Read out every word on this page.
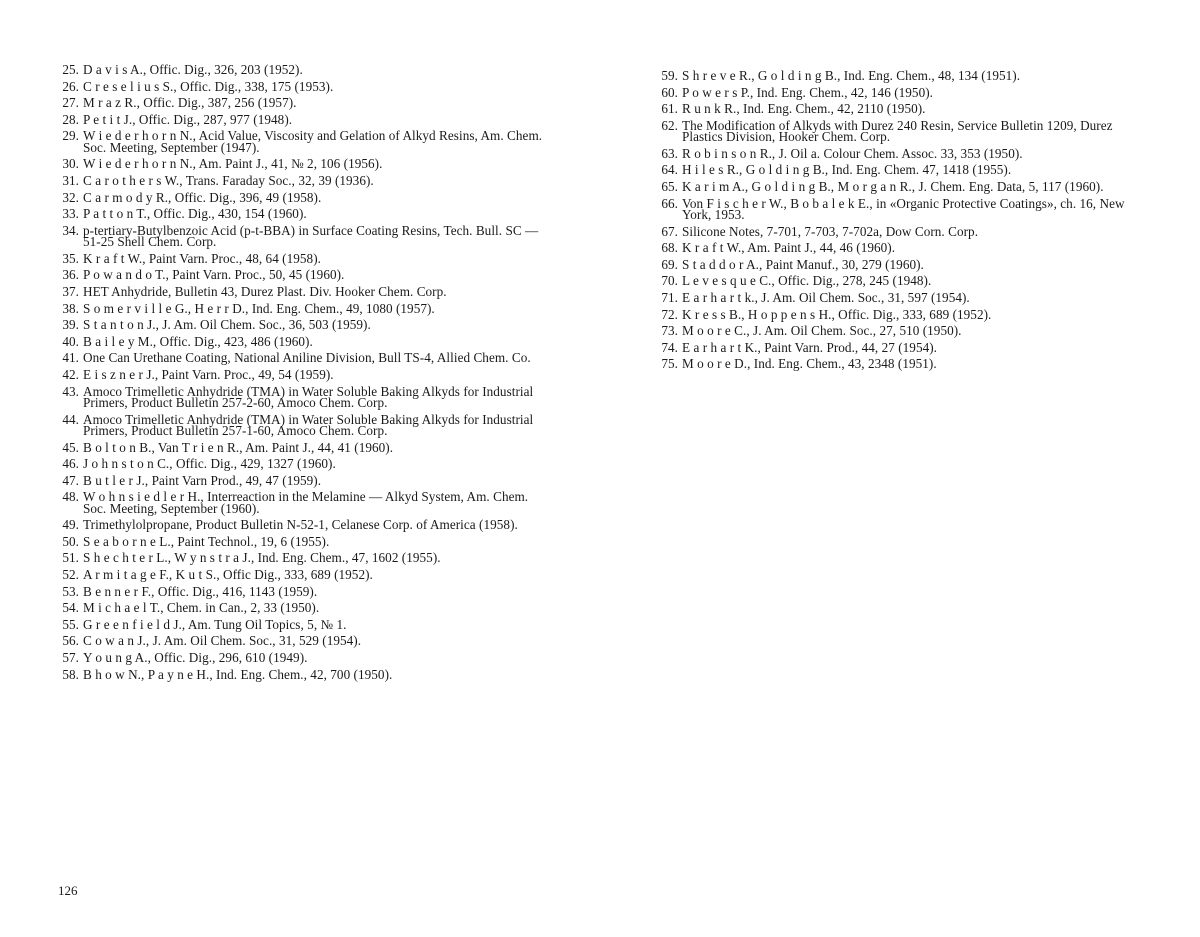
25. D a v i s A., Offic. Dig., 326, 203 (1952).
26. C r e s e l i u s S., Offic. Dig., 338, 175 (1953).
27. M r a z R., Offic. Dig., 387, 256 (1957).
28. P e t i t J., Offic. Dig., 287, 977 (1948).
29. W i e d e r h o r n N., Acid Value, Viscosity and Gelation of Alkyd Resins, Am. Chem. Soc. Meeting, September (1947).
30. W i e d e r h o r n N., Am. Paint J., 41, № 2, 106 (1956).
31. C a r o t h e r s W., Trans. Faraday Soc., 32, 39 (1936).
32. C a r m o d y R., Offic. Dig., 396, 49 (1958).
33. P a t t o n T., Offic. Dig., 430, 154 (1960).
34. p-tertiary-Butylbenzoic Acid (p-t-BBA) in Surface Coating Resins, Tech. Bull. SC — 51-25 Shell Chem. Corp.
35. K r a f t W., Paint Varn. Proc., 48, 64 (1958).
36. P o w a n d o T., Paint Varn. Proc., 50, 45 (1960).
37. HET Anhydride, Bulletin 43, Durez Plast. Div. Hooker Chem. Corp.
38. S o m e r v i l l e G., H e r r D., Ind. Eng. Chem., 49, 1080 (1957).
39. S t a n t o n J., J. Am. Oil Chem. Soc., 36, 503 (1959).
40. B a i l e y M., Offic. Dig., 423, 486 (1960).
41. One Can Urethane Coating, National Aniline Division, Bull TS-4, Allied Chem. Co.
42. E i s z n e r J., Paint Varn. Proc., 49, 54 (1959).
43. Amoco Trimelletic Anhydride (TMA) in Water Soluble Baking Alkyds for Industrial Primers, Product Bulletin 257-2-60, Amoco Chem. Corp.
44. Amoco Trimelletic Anhydride (TMA) in Water Soluble Baking Alkyds for Industrial Primers, Product Bulletin 257-1-60, Amoco Chem. Corp.
45. B o l t o n B., Van T r i e n R., Am. Paint J., 44, 41 (1960).
46. J o h n s t o n C., Offic. Dig., 429, 1327 (1960).
47. B u t l e r J., Paint Varn Prod., 49, 47 (1959).
48. W o h n s i e d l e r H., Interreaction in the Melamine — Alkyd System, Am. Chem. Soc. Meeting, September (1960).
49. Trimethylolpropane, Product Bulletin N-52-1, Celanese Corp. of America (1958).
50. S e a b o r n e L., Paint Technol., 19, 6 (1955).
51. S h e c h t e r L., W y n s t r a J., Ind. Eng. Chem., 47, 1602 (1955).
52. A r m i t a g e F., K u t S., Offic Dig., 333, 689 (1952).
53. B e n n e r F., Offic. Dig., 416, 1143 (1959).
54. M i c h a e l T., Chem. in Can., 2, 33 (1950).
55. G r e e n f i e l d J., Am. Tung Oil Topics, 5, № 1.
56. C o w a n J., J. Am. Oil Chem. Soc., 31, 529 (1954).
57. Y o u n g A., Offic. Dig., 296, 610 (1949).
58. B h o w N., P a y n e H., Ind. Eng. Chem., 42, 700 (1950).
59. S h r e v e R., G o l d i n g B., Ind. Eng. Chem., 48, 134 (1951).
60. P o w e r s P., Ind. Eng. Chem., 42, 146 (1950).
61. R u n k R., Ind. Eng. Chem., 42, 2110 (1950).
62. The Modification of Alkyds with Durez 240 Resin, Service Bulletin 1209, Durez Plastics Division, Hooker Chem. Corp.
63. R o b i n s o n R., J. Oil a. Colour Chem. Assoc. 33, 353 (1950).
64. H i l e s R., G o l d i n g B., Ind. Eng. Chem. 47, 1418 (1955).
65. K a r i m A., G o l d i n g B., M o r g a n R., J. Chem. Eng. Data, 5, 117 (1960).
66. Von F i s c h e r W., B o b a l e k E., in «Organic Protective Coatings», ch. 16, New York, 1953.
67. Silicone Notes, 7-701, 7-703, 7-702a, Dow Corn. Corp.
68. K r a f t W., Am. Paint J., 44, 46 (1960).
69. S t a d d o r A., Paint Manuf., 30, 279 (1960).
70. L e v e s q u e C., Offic. Dig., 278, 245 (1948).
71. E a r h a r t k., J. Am. Oil Chem. Soc., 31, 597 (1954).
72. K r e s s B., H o p p e n s H., Offic. Dig., 333, 689 (1952).
73. M o o r e C., J. Am. Oil Chem. Soc., 27, 510 (1950).
74. E a r h a r t K., Paint Varn. Prod., 44, 27 (1954).
75. M o o r e D., Ind. Eng. Chem., 43, 2348 (1951).
126
